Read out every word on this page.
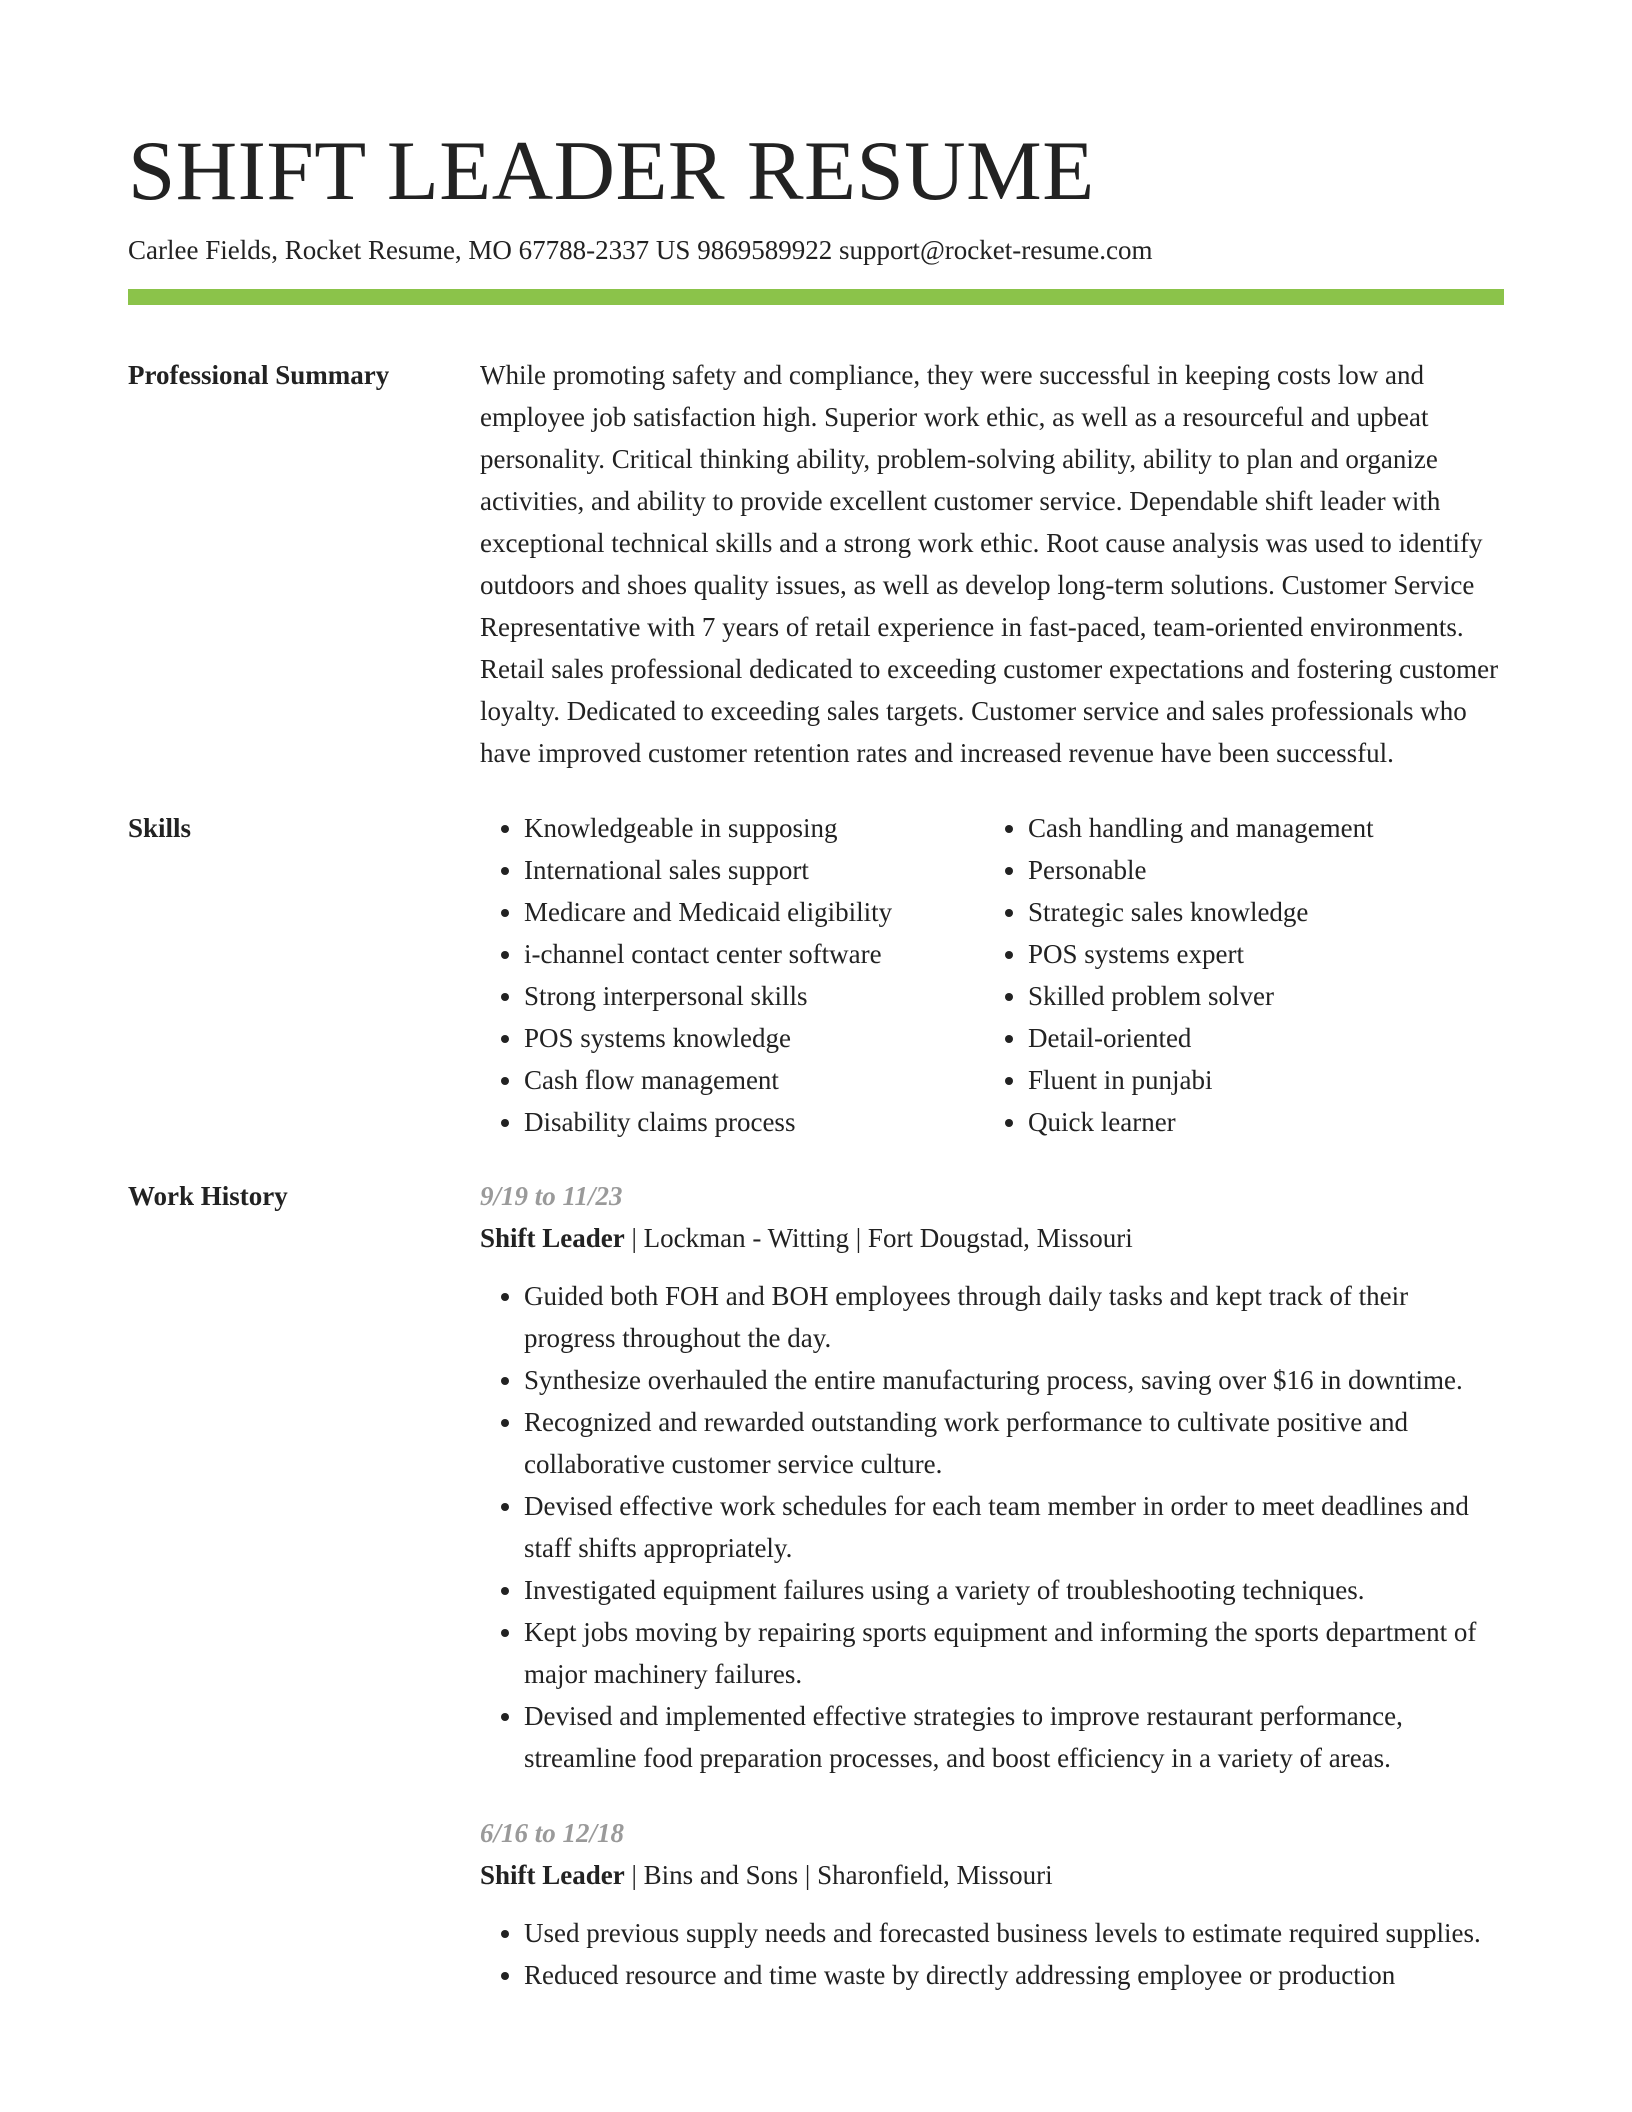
SHIFT LEADER RESUME
Carlee Fields, Rocket Resume, MO 67788-2337 US 9869589922 support@rocket-resume.com
Professional Summary	While promoting safety and compliance, they were successful in keeping costs low and employee job satisfaction high. Superior work ethic, as well as a resourceful and upbeat personality. Critical thinking ability, problem-solving ability, ability to plan and organize activities, and ability to provide excellent customer service. Dependable shift leader with exceptional technical skills and a strong work ethic. Root cause analysis was used to identify outdoors and shoes quality issues, as well as develop long-term solutions. Customer Service Representative with 7 years of retail experience in fast-paced, team-oriented environments. Retail sales professional dedicated to exceeding customer expectations and fostering customer loyalty. Dedicated to exceeding sales targets. Customer service and sales professionals who have improved customer retention rates and increased revenue have been successful.
Skills
•	Knowledgeable in supposing
• International sales support
• Medicare and Medicaid eligibility
• i-channel contact center software
• Strong interpersonal skills
• POS systems knowledge
• Cash flow management
• Disability claims process
• Cash handling and management
• Personable
• Strategic sales knowledge
• POS systems expert
• Skilled problem solver
• Detail-oriented
• Fluent in punjabi
• Quick learner
Work History	9/19 to 11/23
Shift Leader | Lockman - Witting | Fort Dougstad, Missouri
• Guided both FOH and BOH employees through daily tasks and kept track of their progress throughout the day.
• Synthesize overhauled the entire manufacturing process, saving over $16 in downtime.
• Recognized and rewarded outstanding work performance to cultivate positive and collaborative customer service culture.
• Devised effective work schedules for each team member in order to meet deadlines and staff shifts appropriately.
• Investigated equipment failures using a variety of troubleshooting techniques.
• Kept jobs moving by repairing sports equipment and informing the sports department of major machinery failures.
• Devised and implemented effective strategies to improve restaurant performance, streamline food preparation processes, and boost efficiency in a variety of areas.
6/16 to 12/18
Shift Leader | Bins and Sons | Sharonfield, Missouri
• Used previous supply needs and forecasted business levels to estimate required supplies.
• Reduced resource and time waste by directly addressing employee or production
